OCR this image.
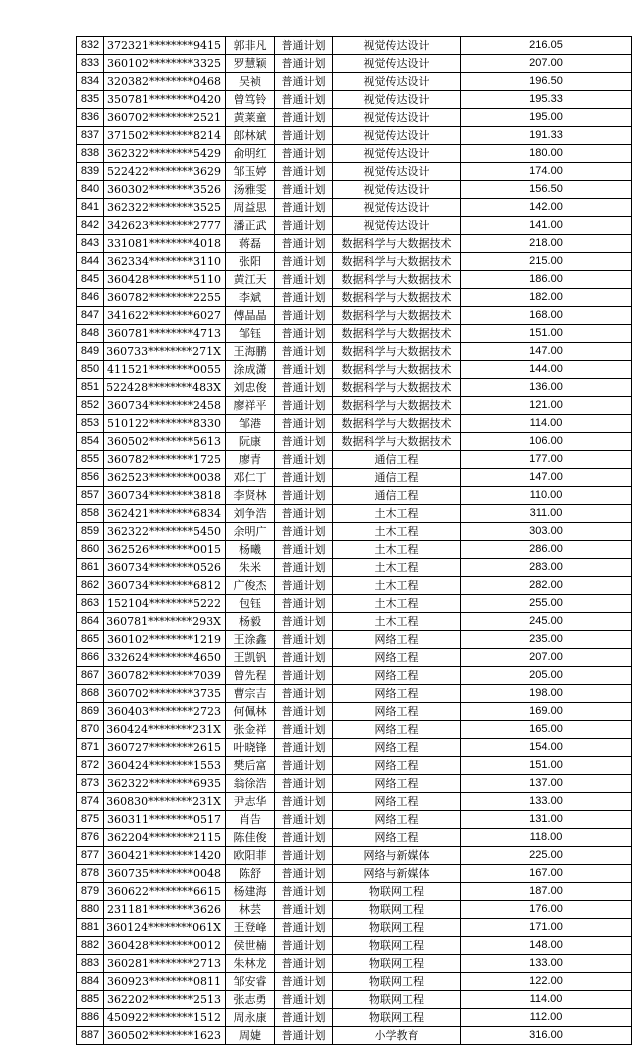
832	372321********9415	郭非凡	普通计划	视觉传达设计	216.05
833	360102********3325	罗慧颖	普通计划	视觉传达设计	207.00
834	320382********0468	吴祯	普通计划	视觉传达设计	196.50
835	350781********0420	曾笃铃	普通计划	视觉传达设计	195.33
836	360702********2521	黄莱童	普通计划	视觉传达设计	195.00
837	371502********8214	郎林斌	普通计划	视觉传达设计	191.33
838	362322********5429	俞明红	普通计划	视觉传达设计	180.00
839	522422********3629	邹玉婷	普通计划	视觉传达设计	174.00
840	360302********3526	汤雅雯	普通计划	视觉传达设计	156.50
841	362322********3525	周益思	普通计划	视觉传达设计	142.00
842	342623********2777	潘正武	普通计划	视觉传达设计	141.00
843	331081********4018	蒋磊	普通计划	数据科学与大数据技术	218.00
844	362334********3110	张阳	普通计划	数据科学与大数据技术	215.00
845	360428********5110	黄江天	普通计划	数据科学与大数据技术	186.00
846	360782********2255	李斌	普通计划	数据科学与大数据技术	182.00
847	341622********6027	傅晶晶	普通计划	数据科学与大数据技术	168.00
848	360781********4713	邹钰	普通计划	数据科学与大数据技术	151.00
849	360733********271X	王海鹏	普通计划	数据科学与大数据技术	147.00
850	411521********0055	涂成潇	普通计划	数据科学与大数据技术	144.00
851	522428********483X	刘忠俊	普通计划	数据科学与大数据技术	136.00
852	360734********2458	廖祥平	普通计划	数据科学与大数据技术	121.00
853	510122********8330	邹港	普通计划	数据科学与大数据技术	114.00
854	360502********5613	阮康	普通计划	数据科学与大数据技术	106.00
855	360782********1725	廖青	普通计划	通信工程	177.00
856	362523********0038	邓仁丁	普通计划	通信工程	147.00
857	360734********3818	李贤林	普通计划	通信工程	110.00
858	362421********6834	刘争浩	普通计划	土木工程	311.00
859	362322********5450	余明广	普通计划	土木工程	303.00
860	362526********0015	杨曦	普通计划	土木工程	286.00
861	360734********0526	朱米	普通计划	土木工程	283.00
862	360734********6812	广俊杰	普通计划	土木工程	282.00
863	152104********5222	包钰	普通计划	土木工程	255.00
864	360781********293X	杨毅	普通计划	土木工程	245.00
865	360102********1219	王涂鑫	普通计划	网络工程	235.00
866	332624********4650	王凯钒	普通计划	网络工程	207.00
867	360782********7039	曾先程	普通计划	网络工程	205.00
868	360702********3735	曹宗吉	普通计划	网络工程	198.00
869	360403********2723	何佩林	普通计划	网络工程	169.00
870	360424********231X	张金祥	普通计划	网络工程	165.00
871	360727********2615	叶晓锋	普通计划	网络工程	154.00
872	360424********1553	樊后富	普通计划	网络工程	151.00
873	362322********6935	翁徐浩	普通计划	网络工程	137.00
874	360830********231X	尹志华	普通计划	网络工程	133.00
875	360311********0517	肖告	普通计划	网络工程	131.00
876	362204********2115	陈佳俊	普通计划	网络工程	118.00
877	360421********1420	欧阳菲	普通计划	网络与新媒体	225.00
878	360735********0048	陈舒	普通计划	网络与新媒体	167.00
879	360622********6615	杨建海	普通计划	物联网工程	187.00
880	231181********3626	林芸	普通计划	物联网工程	176.00
881	360124********061X	王登峰	普通计划	物联网工程	171.00
882	360428********0012	侯世楠	普通计划	物联网工程	148.00
883	360281********2713	朱林龙	普通计划	物联网工程	133.00
884	360923********0811	邹安睿	普通计划	物联网工程	122.00
885	362202********2513	张志勇	普通计划	物联网工程	114.00
886	450922********1512	周永康	普通计划	物联网工程	112.00
887	360502********1623	周婕	普通计划	小学教育	316.00
